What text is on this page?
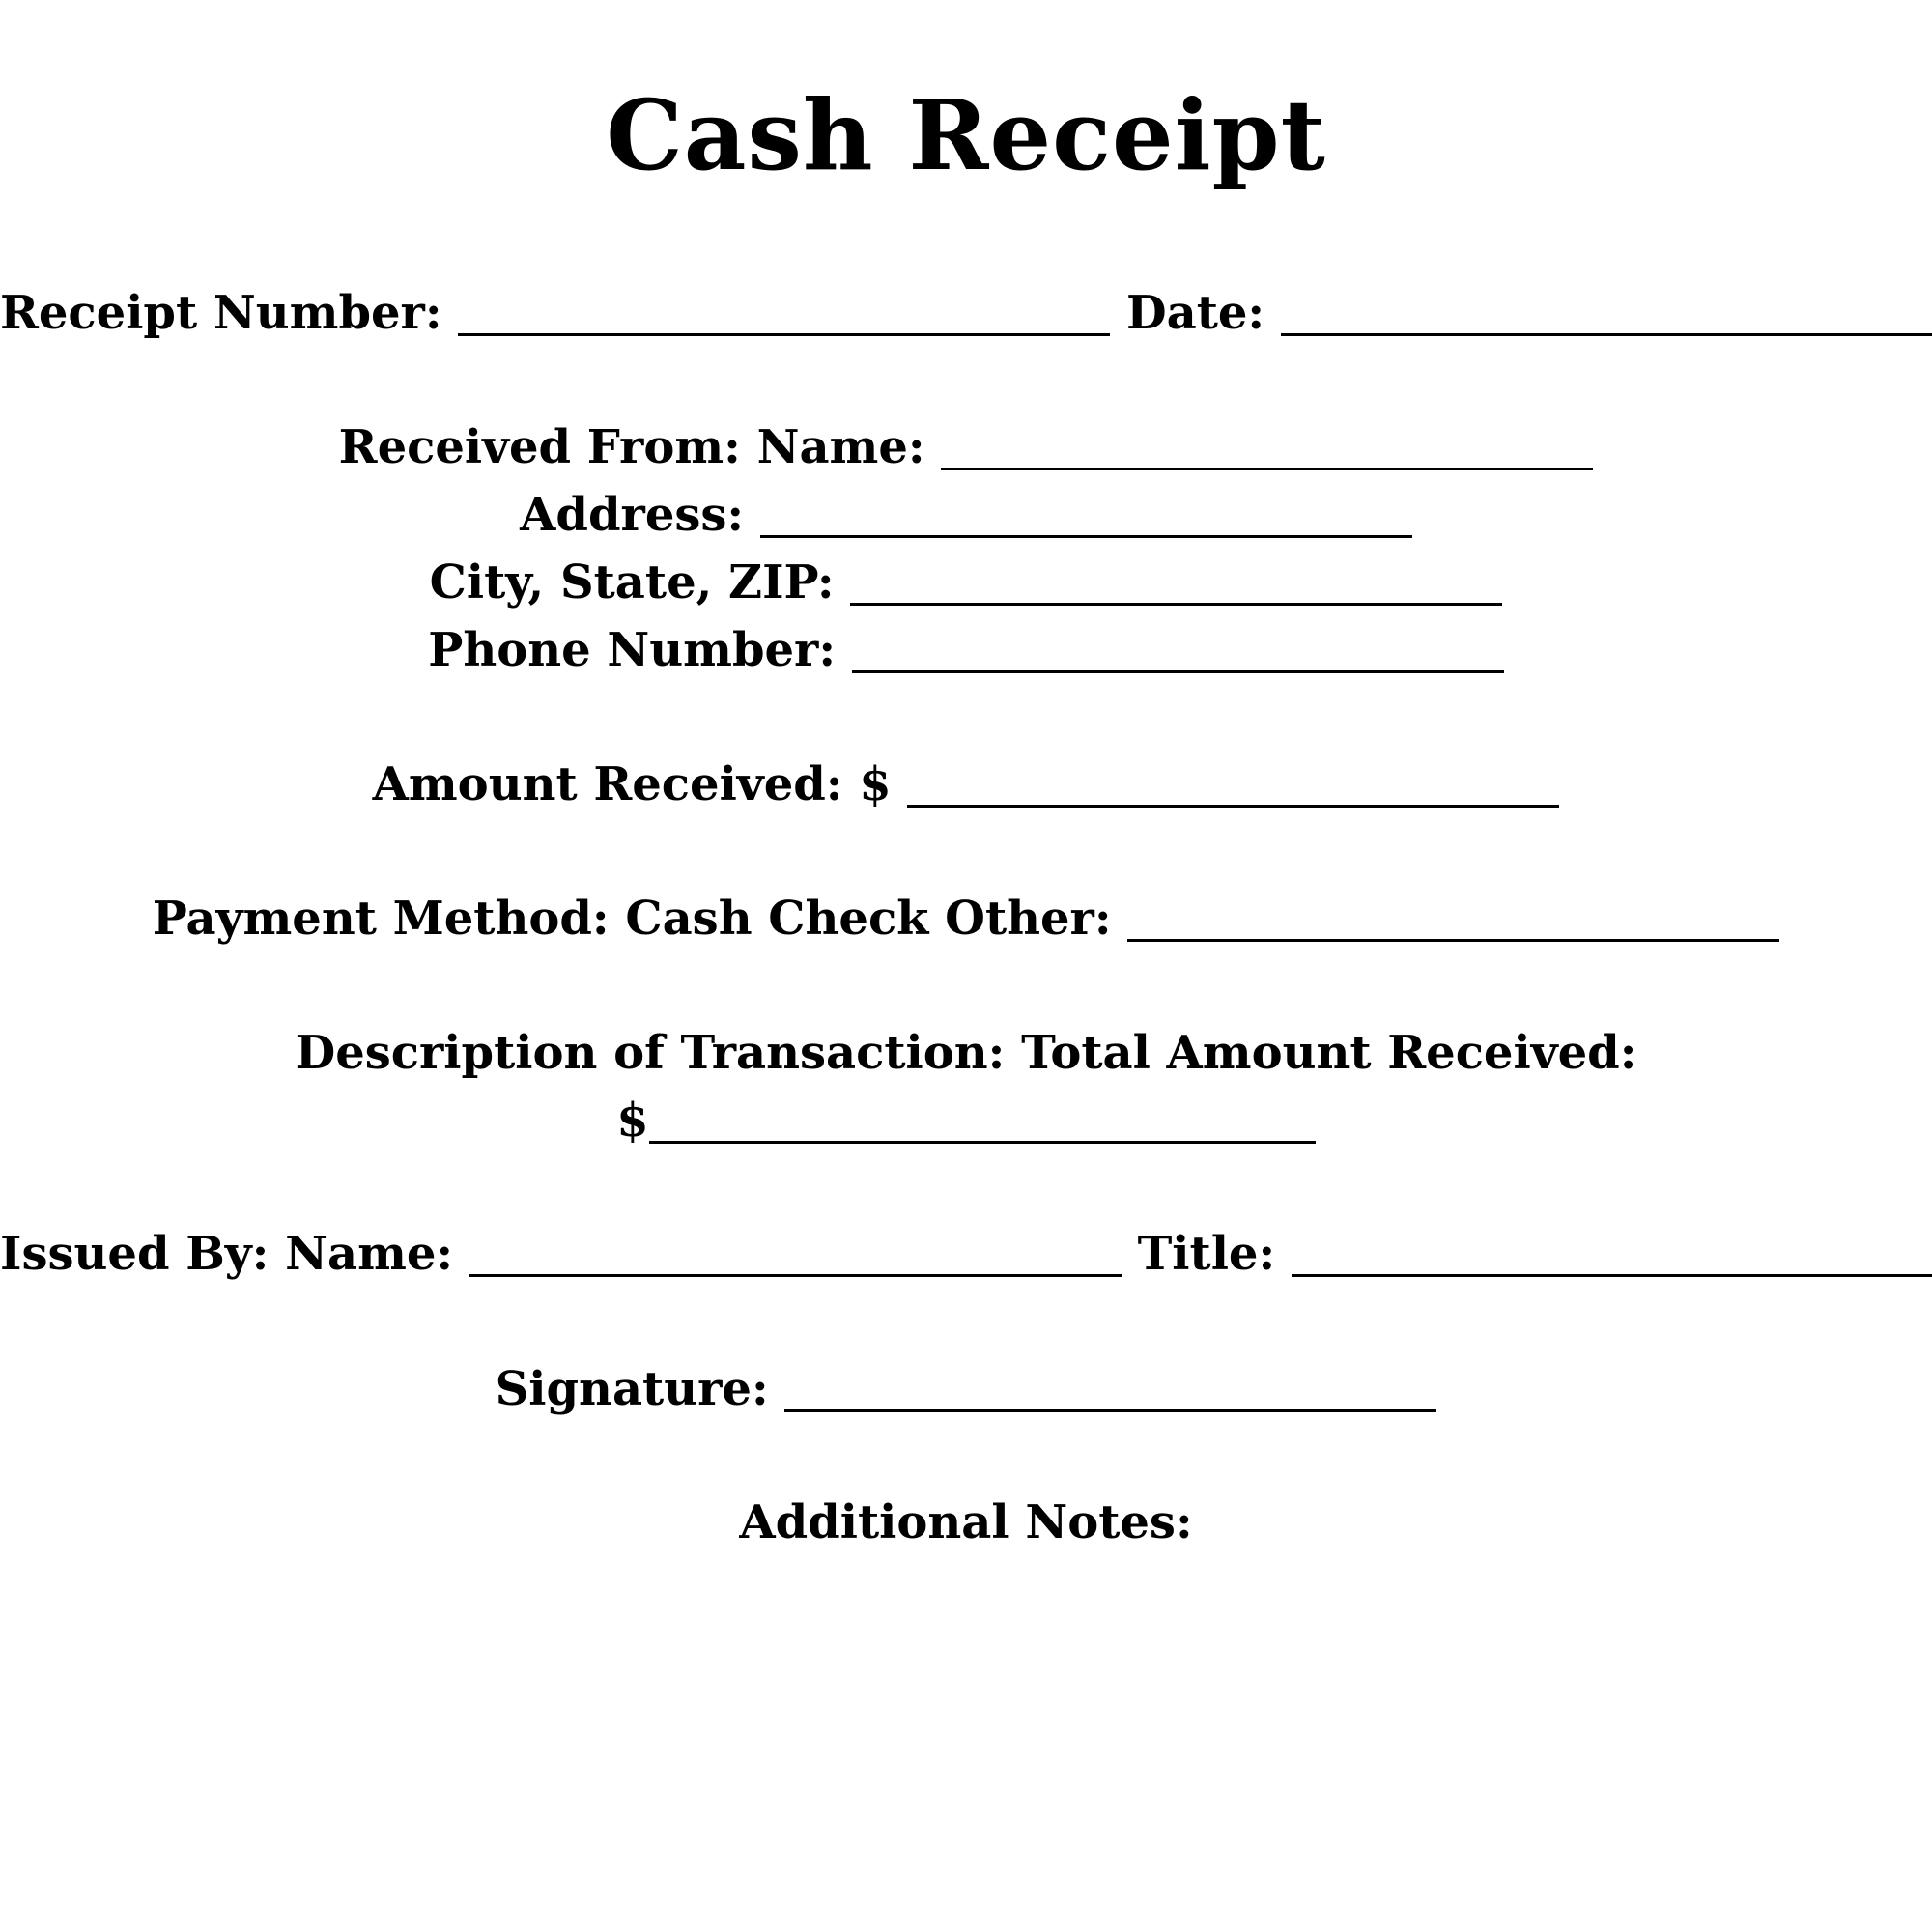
Cash Receipt
Receipt Number:	Date:
Received From: Name:
Address:
City, State, ZIP:
Phone Number:
Amount Received: $
Payment Method: Cash Check Other:
Description of Transaction: Total Amount Received:
$
Issued By: Name:	Title:
Signature:
Additional Notes:
